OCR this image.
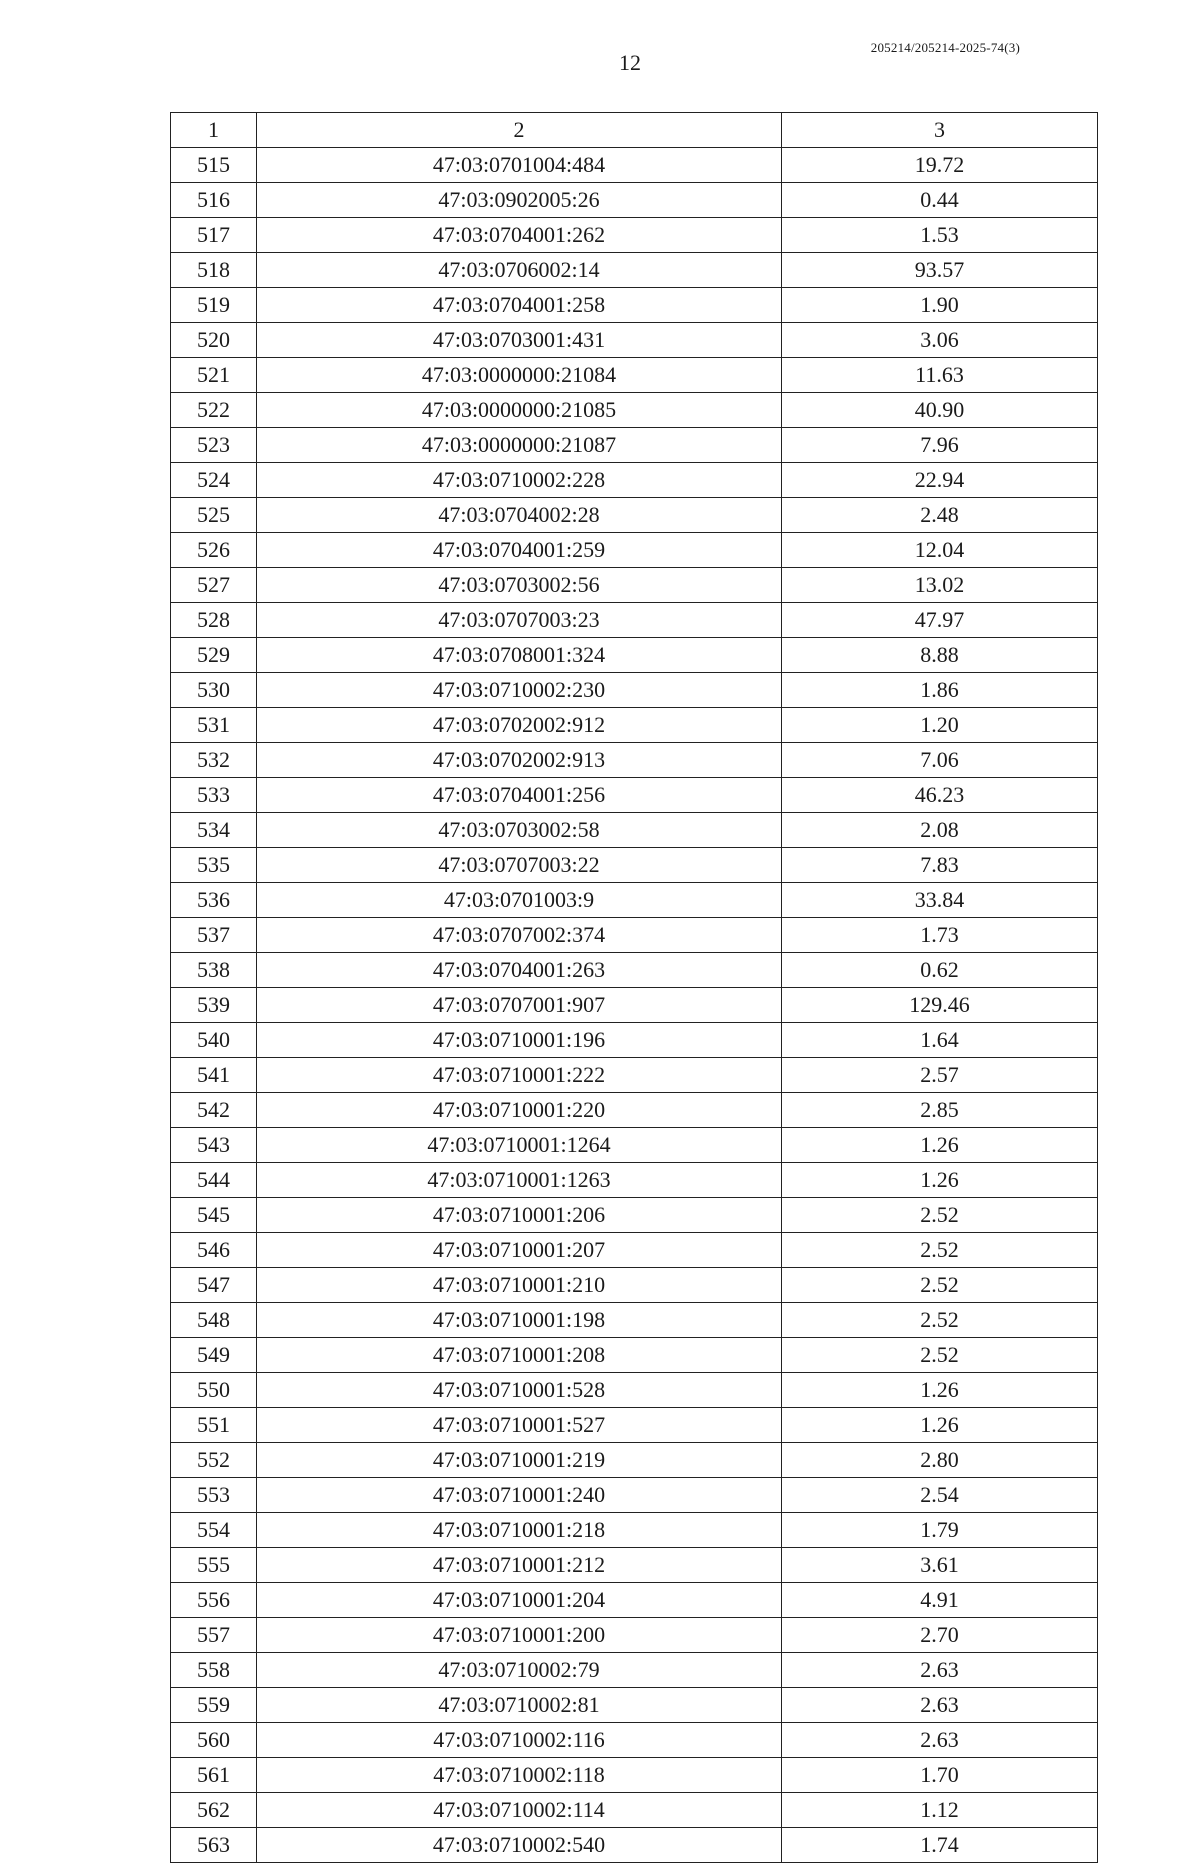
12
205214/205214-2025-74(3)
1	2	3
515	47:03:0701004:484	19.72
516	47:03:0902005:26	0.44
517	47:03:0704001:262	1.53
518	47:03:0706002:14	93.57
519	47:03:0704001:258	1.90
520	47:03:0703001:431	3.06
521	47:03:0000000:21084	11.63
522	47:03:0000000:21085	40.90
523	47:03:0000000:21087	7.96
524	47:03:0710002:228	22.94
525	47:03:0704002:28	2.48
526	47:03:0704001:259	12.04
527	47:03:0703002:56	13.02
528	47:03:0707003:23	47.97
529	47:03:0708001:324	8.88
530	47:03:0710002:230	1.86
531	47:03:0702002:912	1.20
532	47:03:0702002:913	7.06
533	47:03:0704001:256	46.23
534	47:03:0703002:58	2.08
535	47:03:0707003:22	7.83
536	47:03:0701003:9	33.84
537	47:03:0707002:374	1.73
538	47:03:0704001:263	0.62
539	47:03:0707001:907	129.46
540	47:03:0710001:196	1.64
541	47:03:0710001:222	2.57
542	47:03:0710001:220	2.85
543	47:03:0710001:1264	1.26
544	47:03:0710001:1263	1.26
545	47:03:0710001:206	2.52
546	47:03:0710001:207	2.52
547	47:03:0710001:210	2.52
548	47:03:0710001:198	2.52
549	47:03:0710001:208	2.52
550	47:03:0710001:528	1.26
551	47:03:0710001:527	1.26
552	47:03:0710001:219	2.80
553	47:03:0710001:240	2.54
554	47:03:0710001:218	1.79
555	47:03:0710001:212	3.61
556	47:03:0710001:204	4.91
557	47:03:0710001:200	2.70
558	47:03:0710002:79	2.63
559	47:03:0710002:81	2.63
560	47:03:0710002:116	2.63
561	47:03:0710002:118	1.70
562	47:03:0710002:114	1.12
563	47:03:0710002:540	1.74
